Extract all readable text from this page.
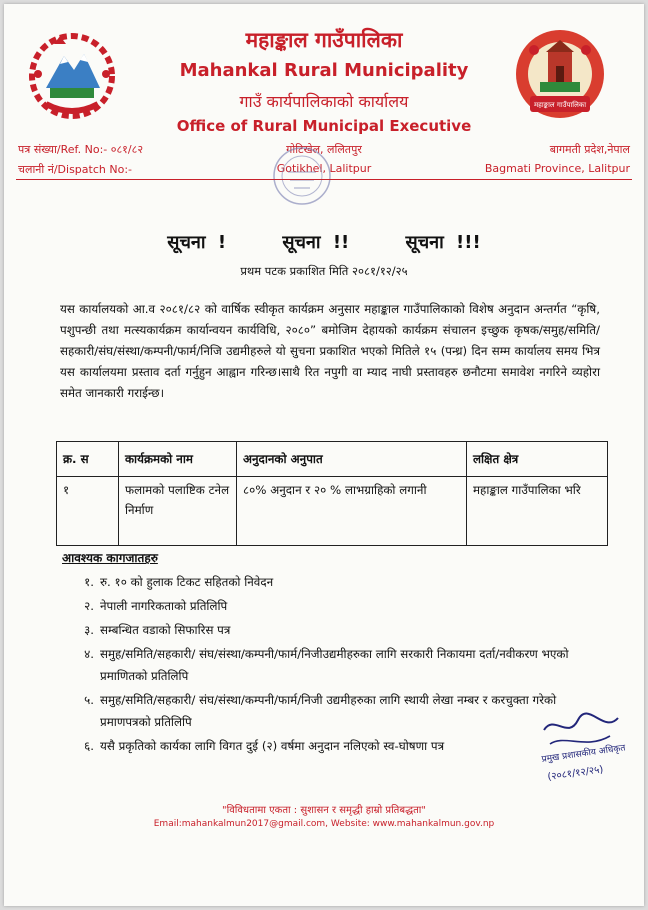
महाङ्काल गाउँपालिका
महाङ्काल गाउँपालिका
Mahankal Rural Municipality
गाउँ कार्यपालिकाको कार्यालय
Office of Rural Municipal Executive
पत्र संख्या/Ref. No:- ०८१/८२
चलानी नं/Dispatch No:-
गोटिखेल, ललितपुर
Gotikhel, Lalitpur
बागमती प्रदेश,नेपाल
Bagmati Province, Lalitpur
सूचना !	सूचना !!	सूचना !!!
प्रथम पटक प्रकाशित मिति २०८१/१२/२५

यस कार्यालयको आ.व २०८१/८२ को वार्षिक स्वीकृत कार्यक्रम अनुसार महाङ्काल गाउँपालिकाको विशेष अनुदान अन्तर्गत “कृषि, पशुपन्छी तथा मत्स्यकार्यक्रम कार्यान्वयन कार्यविधि, २०८०” बमोजिम देहायको कार्यक्रम संचालन इच्छुक कृषक/समुह/समिति/सहकारी/संघ/संस्था/कम्पनी/फार्म/निजि उद्यमीहरुले यो सुचना प्रकाशित भएको मितिले १५ (पन्ध्र) दिन सम्म कार्यालय समय भित्र यस कार्यालयमा प्रस्ताव दर्ता गर्नुहुन आह्वान गरिन्छ।साथै रित नपुगी वा म्याद नाघी प्रस्तावहरु छनौटमा समावेश नगरिने व्यहोरा समेत जानकारी गराईन्छ।

क्र. स	कार्यक्रमको नाम	अनुदानको अनुपात	लक्षित क्षेत्र
१	फलामको पलाष्टिक टनेल निर्माण	८०% अनुदान र २० % लाभग्राहिको लगानी	महाङ्काल गाउँपालिका भरि
आवश्यक कागजातहरु
१. रु. १० को हुलाक टिकट सहितको निवेदन
२. नेपाली नागरिकताको प्रतिलिपि
३. सम्बन्धित वडाको सिफारिस पत्र
४. समुह/समिति/सहकारी/ संघ/संस्था/कम्पनी/फार्म/निजीउद्यमीहरुका लागि सरकारी निकायमा दर्ता/नवीकरण भएको प्रमाणितको प्रतिलिपि
५. समुह/समिति/सहकारी/ संघ/संस्था/कम्पनी/फार्म/निजी उद्यमीहरुका लागि स्थायी लेखा नम्बर र करचुक्ता गरेको प्रमाणपत्रको प्रतिलिपि
६. यसै प्रकृतिको कार्यका लागि विगत दुई (२) वर्षमा अनुदान नलिएको स्व-घोषणा पत्र	प्रमुख प्रशासकीय अधिकृत
(२०८१/१२/२५)
"विविधतामा एकता : सुशासन र समृद्धी हाम्रो प्रतिबद्धता"
Email:mahankalmun2017@gmail.com, Website: www.mahankalmun.gov.np
